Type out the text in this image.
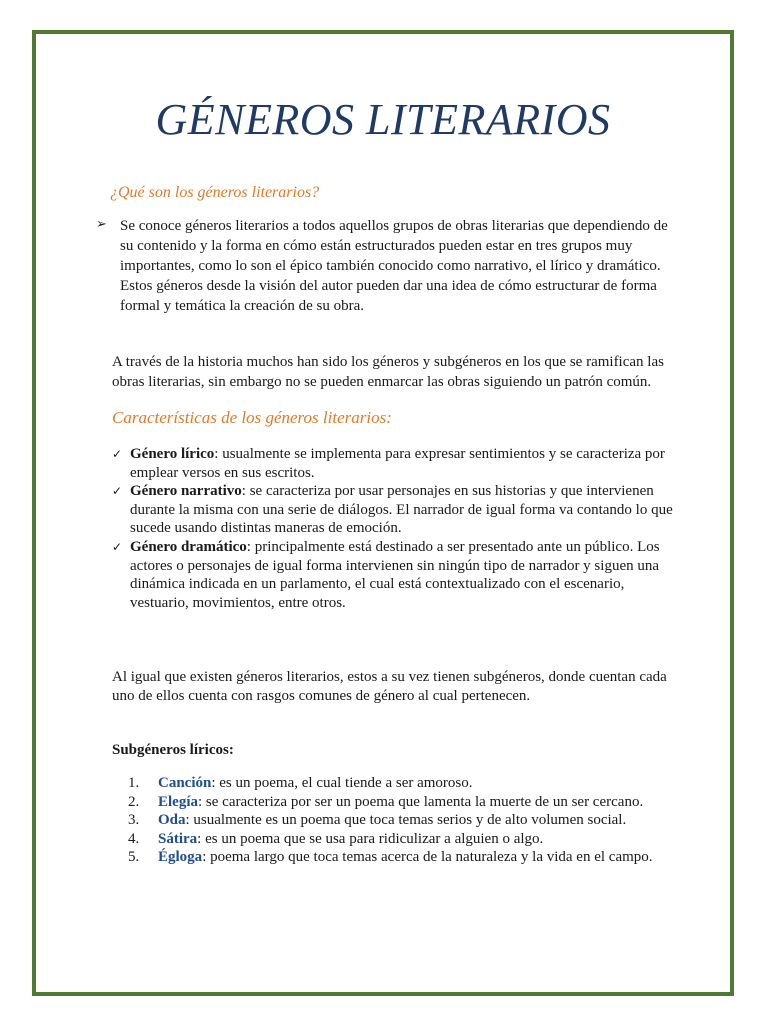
GÉNEROS LITERARIOS
¿Qué son los géneros literarios?
➢ Se conoce géneros literarios a todos aquellos grupos de obras literarias que dependiendo de su contenido y la forma en cómo están estructurados pueden estar en tres grupos muy importantes, como lo son el épico también conocido como narrativo, el lírico y dramático. Estos géneros desde la visión del autor pueden dar una idea de cómo estructurar de forma formal y temática la creación de su obra.
A través de la historia muchos han sido los géneros y subgéneros en los que se ramifican las obras literarias, sin embargo no se pueden enmarcar las obras siguiendo un patrón común.
Características de los géneros literarios:
✓ Género lírico: usualmente se implementa para expresar sentimientos y se caracteriza por emplear versos en sus escritos.
✓ Género narrativo: se caracteriza por usar personajes en sus historias y que intervienen durante la misma con una serie de diálogos. El narrador de igual forma va contando lo que sucede usando distintas maneras de emoción.
✓ Género dramático: principalmente está destinado a ser presentado ante un público. Los actores o personajes de igual forma intervienen sin ningún tipo de narrador y siguen una dinámica indicada en un parlamento, el cual está contextualizado con el escenario, vestuario, movimientos, entre otros.
Al igual que existen géneros literarios, estos a su vez tienen subgéneros, donde cuentan cada uno de ellos cuenta con rasgos comunes de género al cual pertenecen.
Subgéneros líricos:
1. Canción: es un poema, el cual tiende a ser amoroso.
2. Elegía: se caracteriza por ser un poema que lamenta la muerte de un ser cercano.
3. Oda: usualmente es un poema que toca temas serios y de alto volumen social.
4. Sátira: es un poema que se usa para ridiculizar a alguien o algo.
5. Égloga: poema largo que toca temas acerca de la naturaleza y la vida en el campo.
